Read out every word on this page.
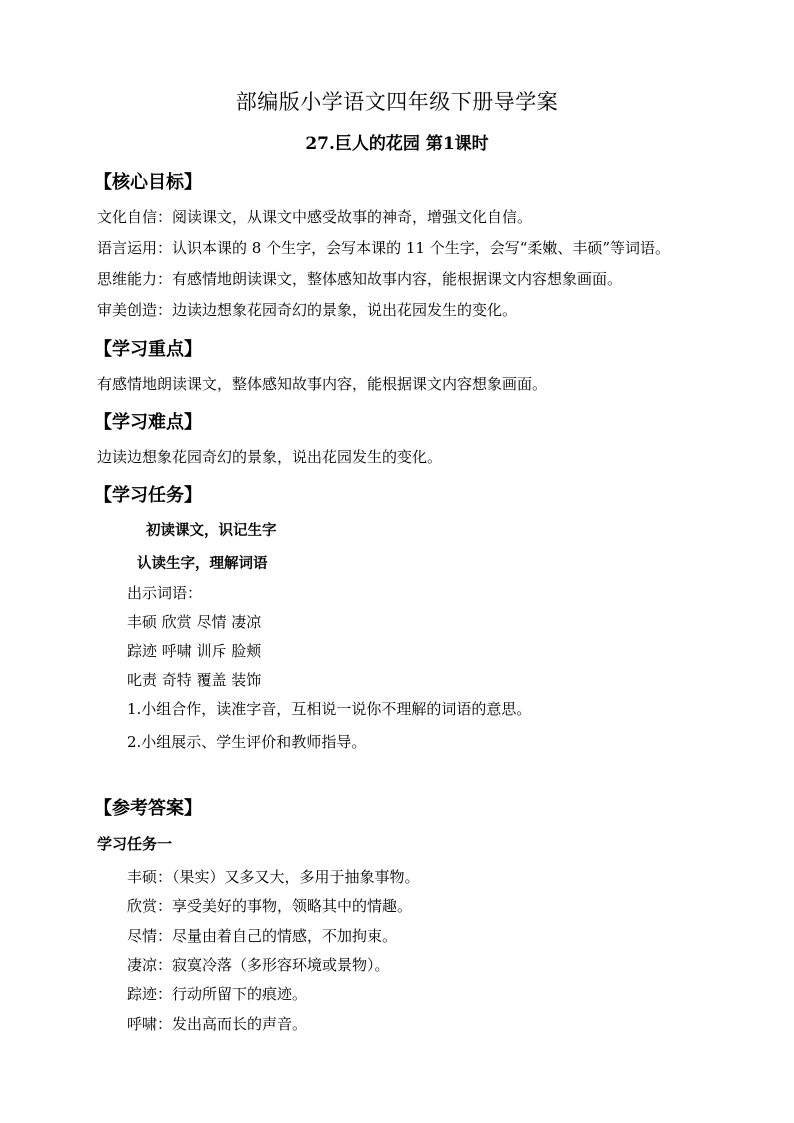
部编版小学语文四年级下册导学案
27.巨人的花园 第1课时
【核心目标】
文化自信：阅读课文，从课文中感受故事的神奇，增强文化自信。
语言运用：认识本课的 8 个生字，会写本课的 11 个生字，会写“柔嫩、丰硕”等词语。
思维能力：有感情地朗读课文，整体感知故事内容，能根据课文内容想象画面。
审美创造：边读边想象花园奇幻的景象，说出花园发生的变化。
【学习重点】
有感情地朗读课文，整体感知故事内容，能根据课文内容想象画面。
【学习难点】
边读边想象花园奇幻的景象，说出花园发生的变化。
【学习任务】
初读课文，识记生字
认读生字，理解词语
出示词语：
丰硕 欣赏 尽情 凄凉
踪迹 呼啸 训斥 脸颊
叱责 奇特 覆盖 装饰
1.小组合作，读准字音，互相说一说你不理解的词语的意思。
2.小组展示、学生评价和教师指导。
【参考答案】
学习任务一
丰硕：（果实）又多又大，多用于抽象事物。
欣赏：享受美好的事物，领略其中的情趣。
尽情：尽量由着自己的情感，不加拘束。
凄凉：寂寞冷落（多形容环境或景物）。
踪迹：行动所留下的痕迹。
呼啸：发出高而长的声音。
